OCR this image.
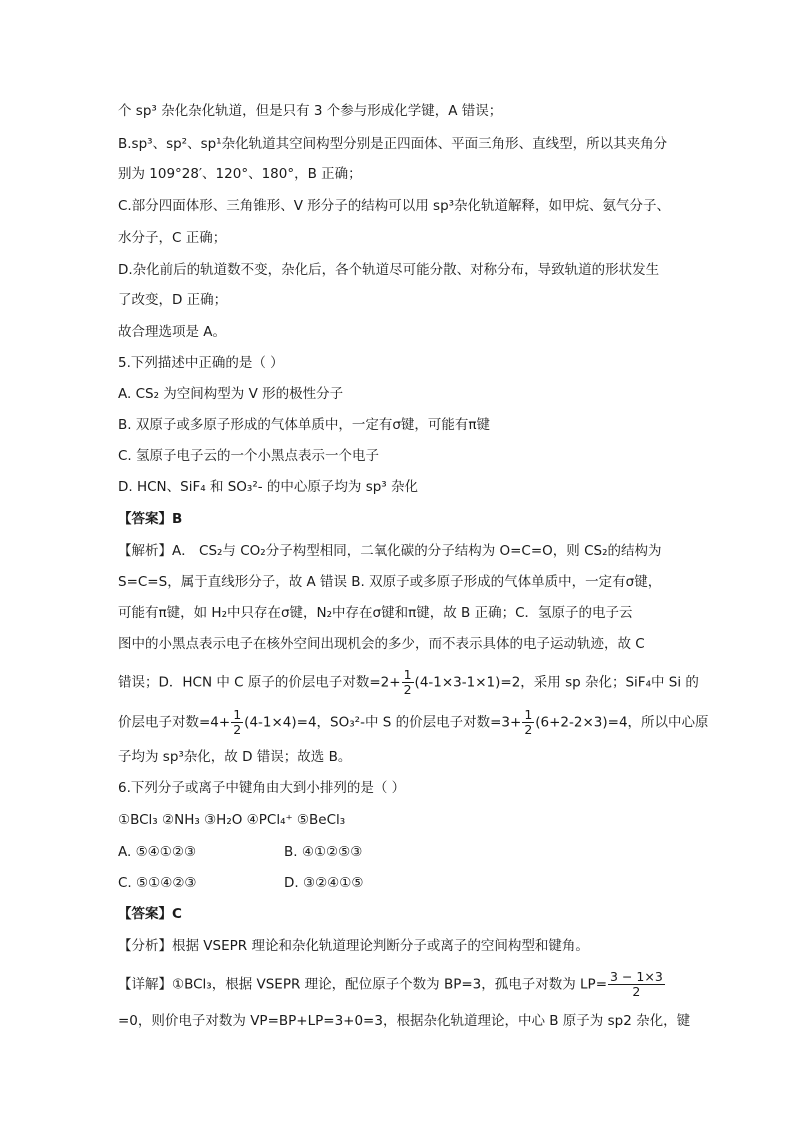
个 sp³ 杂化杂化轨道，但是只有 3 个参与形成化学键，A 错误；
B.sp³、sp²、sp¹杂化轨道其空间构型分别是正四面体、平面三角形、直线型，所以其夹角分
别为 109°28′、120°、180°，B 正确；
C.部分四面体形、三角锥形、V 形分子的结构可以用 sp³杂化轨道解释，如甲烷、氨气分子、
水分子，C 正确；
D.杂化前后的轨道数不变，杂化后，各个轨道尽可能分散、对称分布，导致轨道的形状发生
了改变，D 正确；
故合理选项是 A。
5.下列描述中正确的是（ ）
A. CS₂ 为空间构型为 V 形的极性分子
B. 双原子或多原子形成的气体单质中，一定有σ键，可能有π键
C. 氢原子电子云的一个小黑点表示一个电子
D. HCN、SiF₄ 和 SO₃²- 的中心原子均为 sp³ 杂化
【答案】B
【解析】A． CS₂与 CO₂分子构型相同，二氧化碳的分子结构为 O=C=O，则 CS₂的结构为
S=C=S，属于直线形分子，故 A 错误 B. 双原子或多原子形成的气体单质中，一定有σ键，
可能有π键，如 H₂中只存在σ键，N₂中存在σ键和π键，故 B 正确；C．氢原子的电子云
图中的小黑点表示电子在核外空间出现机会的多少，而不表示具体的电子运动轨迹，故 C
错误；D．HCN 中 C 原子的价层电子对数$=2+ \frac{1}{2} (4-1\times 3-1\times 1)=2$，采用 sp 杂化；SiF₄中 Si 的
价层电子对数$=4+ \frac{1}{2} (4-1\times 4)=4$，SO₃²-中 S 的价层电子对数$=3+ \frac{1}{2} (6+2-2\times 3)=4$，所以中心原
子均为 sp³杂化，故 D 错误；故选 B。
6.下列分子或离子中键角由大到小排列的是（ ）
①BCl₃ ②NH₃ ③H₂O ④PCl₄⁺ ⑤BeCl₃
A. ⑤④①②③	B. ④①②⑤③
C. ⑤①④②③	D. ③②④①⑤
【答案】C
【分析】根据 VSEPR 理论和杂化轨道理论判断分子或离子的空间构型和键角。
【详解】①BCl₃，根据 VSEPR 理论，配位原子个数为 BP=3，孤电子对数为 $LP= \frac{3 - 1\times 3}{2}$
=0，则价电子对数为 VP=BP+LP=3+0=3，根据杂化轨道理论，中心 B 原子为 sp2 杂化，键
